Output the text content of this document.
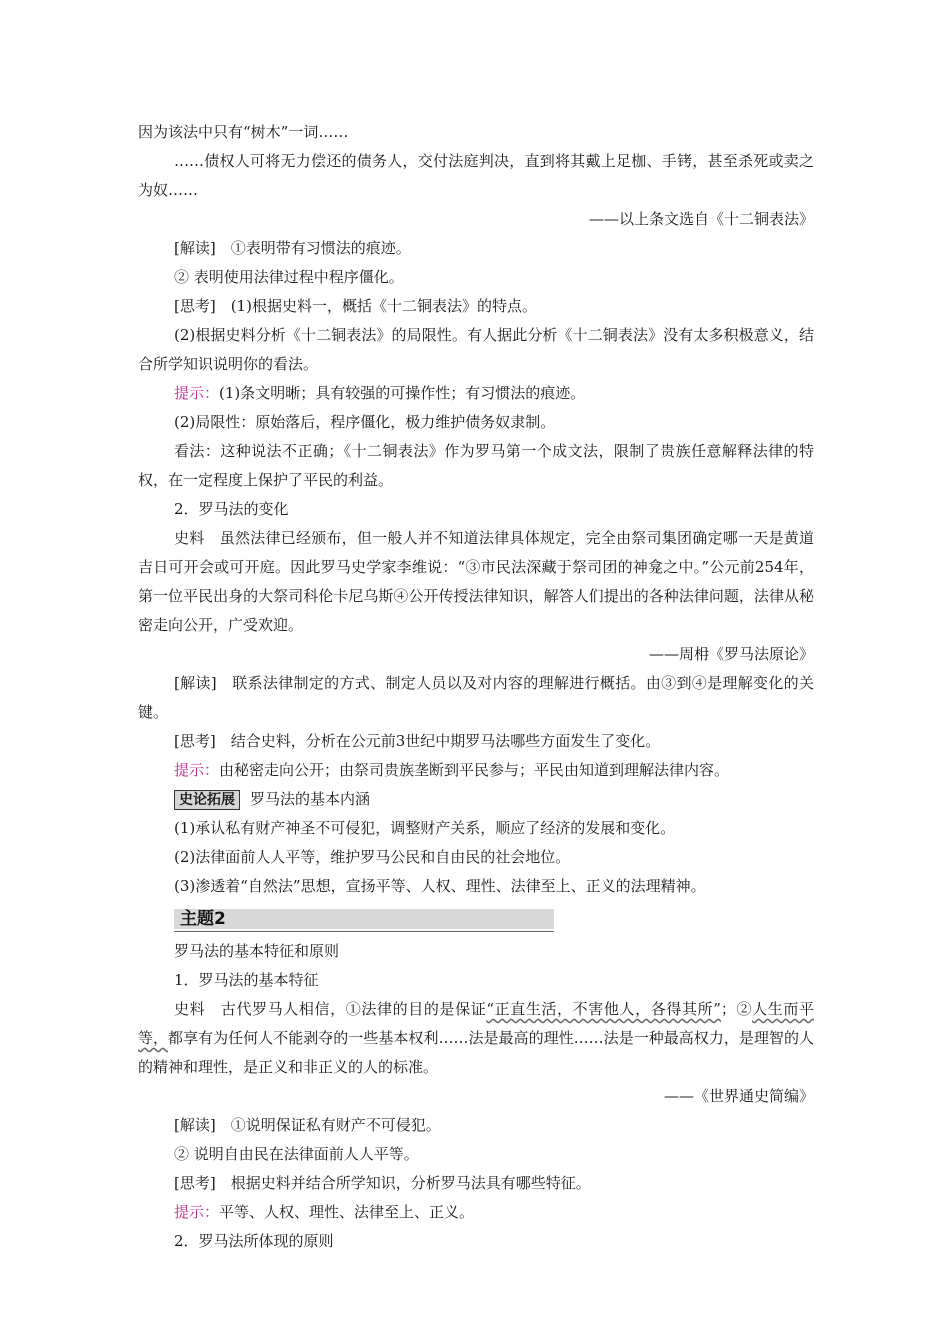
因为该法中只有“树木”一词……

……债权人可将无力偿还的债务人，交付法庭判决，直到将其戴上足枷、手铐，甚至杀死或卖之为奴……

——以上条文选自《十二铜表法》

[解读]　①表明带有习惯法的痕迹。

② 表明使用法律过程中程序僵化。

[思考]　(1)根据史料一，概括《十二铜表法》的特点。

(2)根据史料分析《十二铜表法》的局限性。有人据此分析《十二铜表法》没有太多积极意义，结合所学知识说明你的看法。

提示：(1)条文明晰；具有较强的可操作性；有习惯法的痕迹。

(2)局限性：原始落后，程序僵化，极力维护债务奴隶制。

看法：这种说法不正确；《十二铜表法》作为罗马第一个成文法，限制了贵族任意解释法律的特权，在一定程度上保护了平民的利益。

2．罗马法的变化

史料　虽然法律已经颁布，但一般人并不知道法律具体规定，完全由祭司集团确定哪一天是黄道吉日可开会或可开庭。因此罗马史学家李维说：“③市民法深藏于祭司团的神龛之中。”公元前254年，第一位平民出身的大祭司科伦卡尼乌斯④公开传授法律知识，解答人们提出的各种法律问题，法律从秘密走向公开，广受欢迎。

——周枏《罗马法原论》

[解读]　联系法律制定的方式、制定人员以及对内容的理解进行概括。由③到④是理解变化的关键。

[思考]　结合史料，分析在公元前3世纪中期罗马法哪些方面发生了变化。

提示：由秘密走向公开；由祭司贵族垄断到平民参与；平民由知道到理解法律内容。

史论拓展 罗马法的基本内涵

(1)承认私有财产神圣不可侵犯，调整财产关系，顺应了经济的发展和变化。

(2)法律面前人人平等，维护罗马公民和自由民的社会地位。

(3)渗透着“自然法”思想，宣扬平等、人权、理性、法律至上、正义的法理精神。

主题2

罗马法的基本特征和原则

1．罗马法的基本特征

史料　古代罗马人相信，①法律的目的是保证“正直生活，不害他人，各得其所”；②人生而平等，都享有为任何人不能剥夺的一些基本权利……法是最高的理性……法是一种最高权力，是理智的人的精神和理性，是正义和非正义的人的标准。

——《世界通史简编》

[解读]　①说明保证私有财产不可侵犯。

② 说明自由民在法律面前人人平等。

[思考]　根据史料并结合所学知识，分析罗马法具有哪些特征。

提示：平等、人权、理性、法律至上、正义。

2．罗马法所体现的原则
